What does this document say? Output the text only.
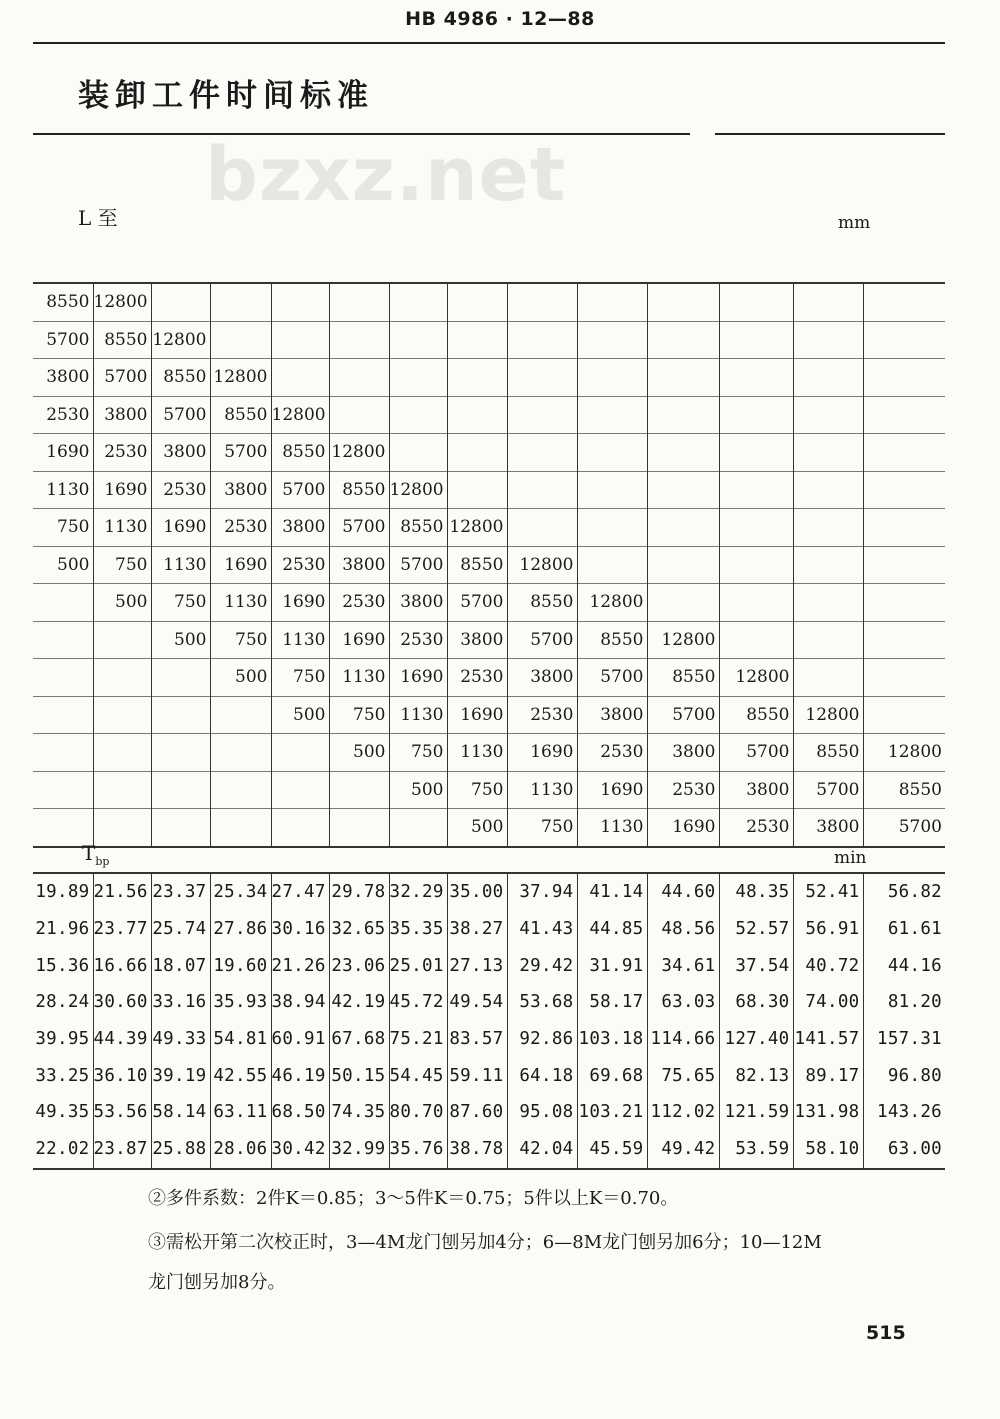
HB 4986 · 12—88
装卸工件时间标准
bzxz.net
L 至	mm
8550	12800												
5700	8550	12800											
3800	5700	8550	12800										
2530	3800	5700	8550	12800									
1690	2530	3800	5700	8550	12800								
1130	1690	2530	3800	5700	8550	12800							
750	1130	1690	2530	3800	5700	8550	12800						
500	750	1130	1690	2530	3800	5700	8550	12800					
	500	750	1130	1690	2530	3800	5700	8550	12800				
		500	750	1130	1690	2530	3800	5700	8550	12800			
			500	750	1130	1690	2530	3800	5700	8550	12800		
				500	750	1130	1690	2530	3800	5700	8550	12800	
					500	750	1130	1690	2530	3800	5700	8550	12800
						500	750	1130	1690	2530	3800	5700	8550
							500	750	1130	1690	2530	3800	5700
$T_{bp}$	min
19.89	21.56	23.37	25.34	27.47	29.78	32.29	35.00	37.94	41.14	44.60	48.35	52.41	56.82
21.96	23.77	25.74	27.86	30.16	32.65	35.35	38.27	41.43	44.85	48.56	52.57	56.91	61.61
15.36	16.66	18.07	19.60	21.26	23.06	25.01	27.13	29.42	31.91	34.61	37.54	40.72	44.16
28.24	30.60	33.16	35.93	38.94	42.19	45.72	49.54	53.68	58.17	63.03	68.30	74.00	81.20
39.95	44.39	49.33	54.81	60.91	67.68	75.21	83.57	92.86	103.18	114.66	127.40	141.57	157.31
33.25	36.10	39.19	42.55	46.19	50.15	54.45	59.11	64.18	69.68	75.65	82.13	89.17	96.80
49.35	53.56	58.14	63.11	68.50	74.35	80.70	87.60	95.08	103.21	112.02	121.59	131.98	143.26
22.02	23.87	25.88	28.06	30.42	32.99	35.76	38.78	42.04	45.59	49.42	53.59	58.10	63.00
②多件系数：2件K＝0.85；3～5件K＝0.75；5件以上K＝0.70。
③需松开第二次校正时，3—4M龙门刨另加4分；6—8M龙门刨另加6分；10—12M
龙门刨另加8分。
515
